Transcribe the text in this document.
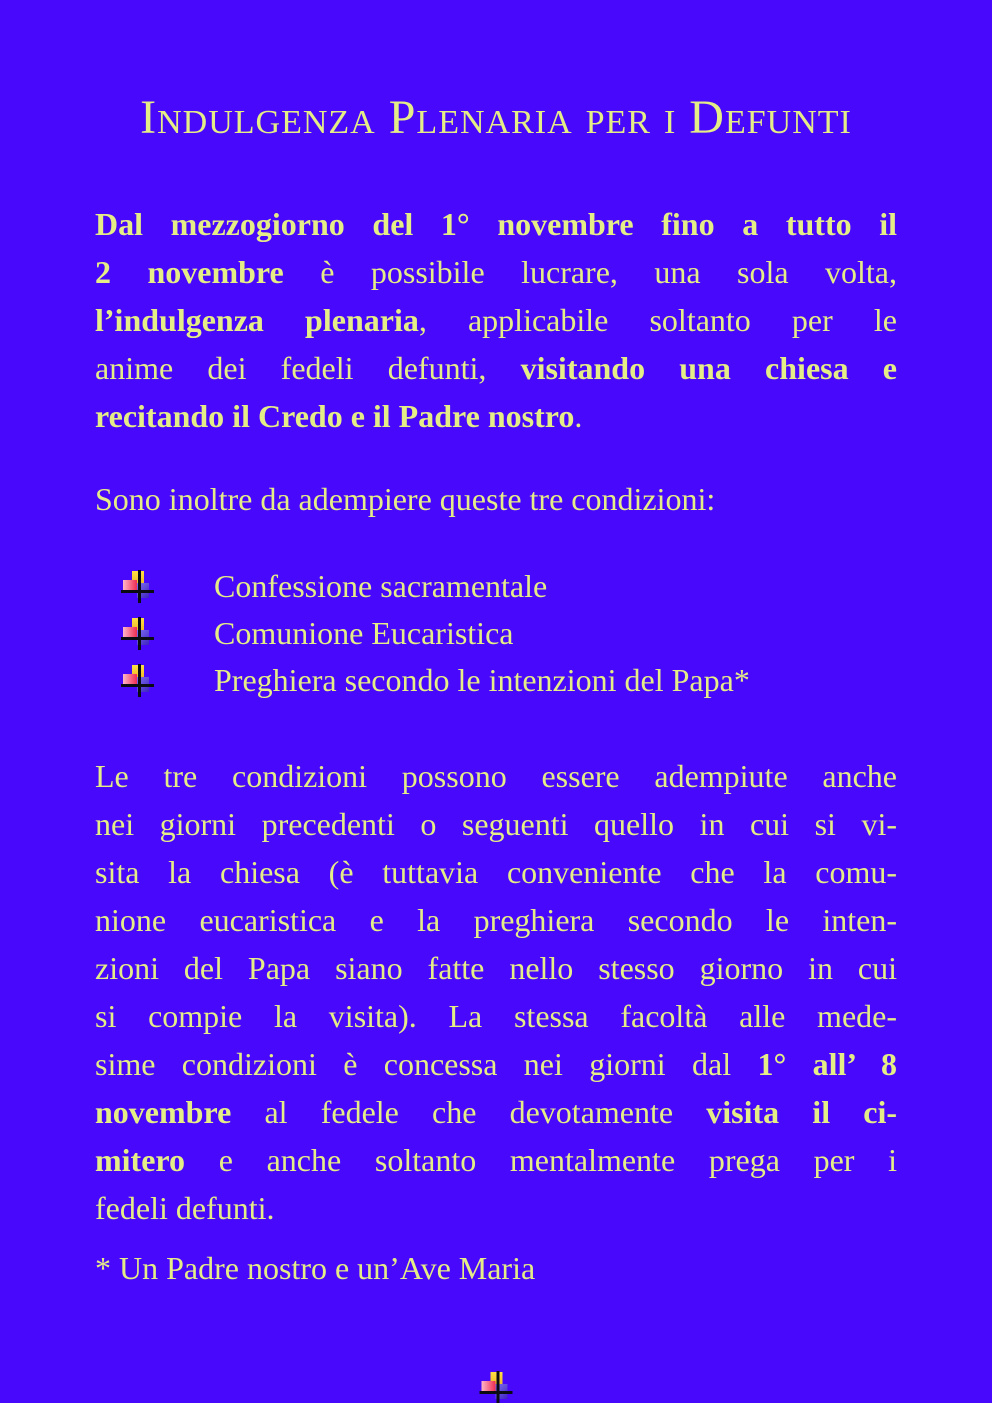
Indulgenza Plenaria per i Defunti
Dal mezzogiorno del 1° novembre fino a tutto il
2 novembre è possibile lucrare, una sola volta,
l’indulgenza plenaria, applicabile soltanto per le
anime dei fedeli defunti, visitando una chiesa e
recitando il Credo e il Padre nostro.
Sono inoltre da adempiere queste tre condizioni:
Confessione sacramentale
Comunione Eucaristica
Preghiera secondo le intenzioni del Papa*
Le tre condizioni possono essere adempiute anche
nei giorni precedenti o seguenti quello in cui si vi-
sita la chiesa (è tuttavia conveniente che la comu-
nione eucaristica e la preghiera secondo le inten-
zioni del Papa siano fatte nello stesso giorno in cui
si compie la visita). La stessa facoltà alle mede-
sime condizioni è concessa nei giorni dal 1° all’ 8
novembre al fedele che devotamente visita il ci-
mitero e anche soltanto mentalmente prega per i
fedeli defunti.
* Un Padre nostro e un’Ave Maria
